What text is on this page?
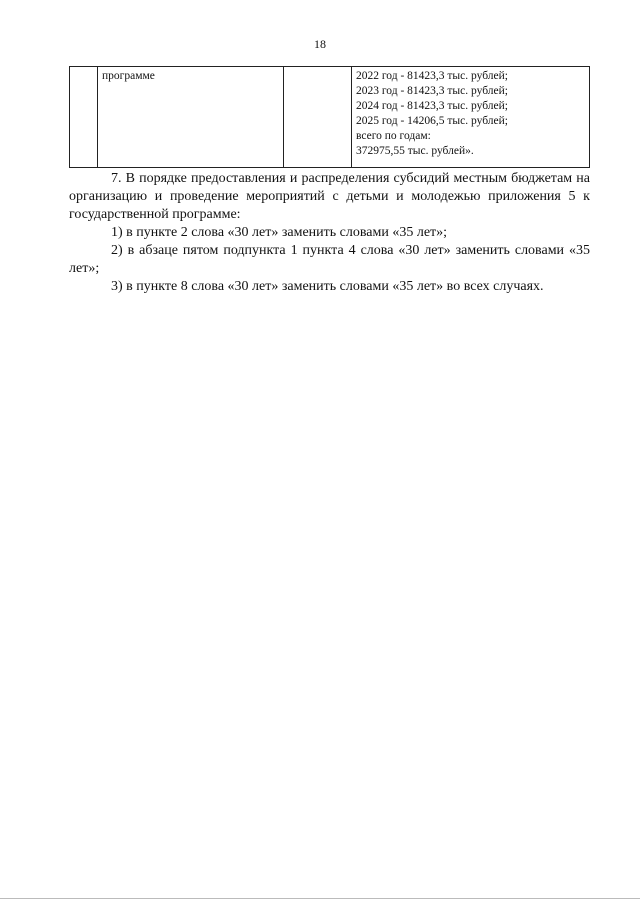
18
	программе		2022 год - 81423,3 тыс. рублей;
2023 год - 81423,3 тыс. рублей;
2024 год - 81423,3 тыс. рублей;
2025 год - 14206,5 тыс. рублей;
всего по годам:
372975,55 тыс. рублей».

7. В порядке предоставления и распределения субсидий местным бюджетам на организацию и проведение мероприятий с детьми и молодежью приложения 5 к государственной программе:

1) в пункте 2 слова «30 лет» заменить словами «35 лет»;

2) в абзаце пятом подпункта 1 пункта 4 слова «30 лет» заменить словами «35 лет»;

3) в пункте 8 слова «30 лет» заменить словами «35 лет» во всех случаях.
